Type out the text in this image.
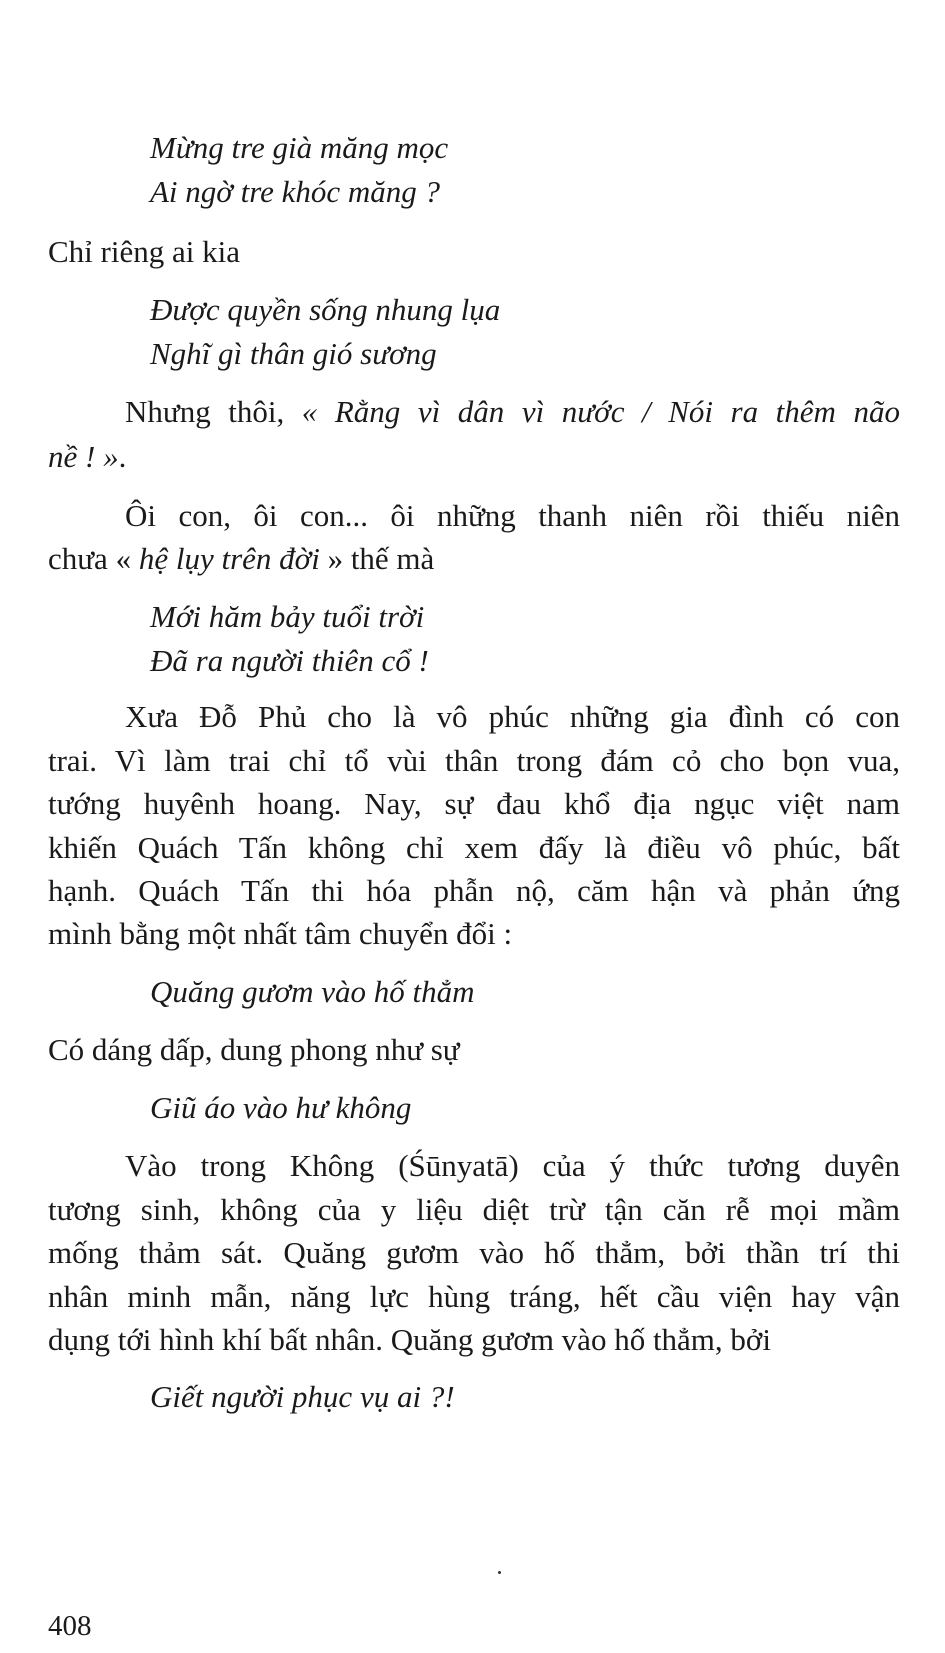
Mừng tre già măng mọc
Ai ngờ tre khóc măng ?
Chỉ riêng ai kia
Được quyền sống nhung lụa
Nghĩ gì thân gió sương
Nhưng thôi, « Rằng vì dân vì nước / Nói ra thêm não
nề ! ».
Ôi con, ôi con... ôi những thanh niên rồi thiếu niên
chưa « hệ lụy trên đời » thế mà
Mới hăm bảy tuổi trời
Đã ra người thiên cổ !
Xưa Đỗ Phủ cho là vô phúc những gia đình có con
trai. Vì làm trai chỉ tổ vùi thân trong đám cỏ cho bọn vua,
tướng huyênh hoang. Nay, sự đau khổ địa ngục việt nam
khiến Quách Tấn không chỉ xem đấy là điều vô phúc, bất
hạnh. Quách Tấn thi hóa phẫn nộ, căm hận và phản ứng
mình bằng một nhất tâm chuyển đổi :
Quăng gươm vào hố thẳm
Có dáng dấp, dung phong như sự
Giũ áo vào hư không
Vào trong Không (Śūnyatā) của ý thức tương duyên
tương sinh, không của y liệu diệt trừ tận căn rễ mọi mầm
mống thảm sát. Quăng gươm vào hố thẳm, bởi thần trí thi
nhân minh mẫn, năng lực hùng tráng, hết cầu viện hay vận
dụng tới hình khí bất nhân. Quăng gươm vào hố thẳm, bởi
Giết người phục vụ ai ?!
408
